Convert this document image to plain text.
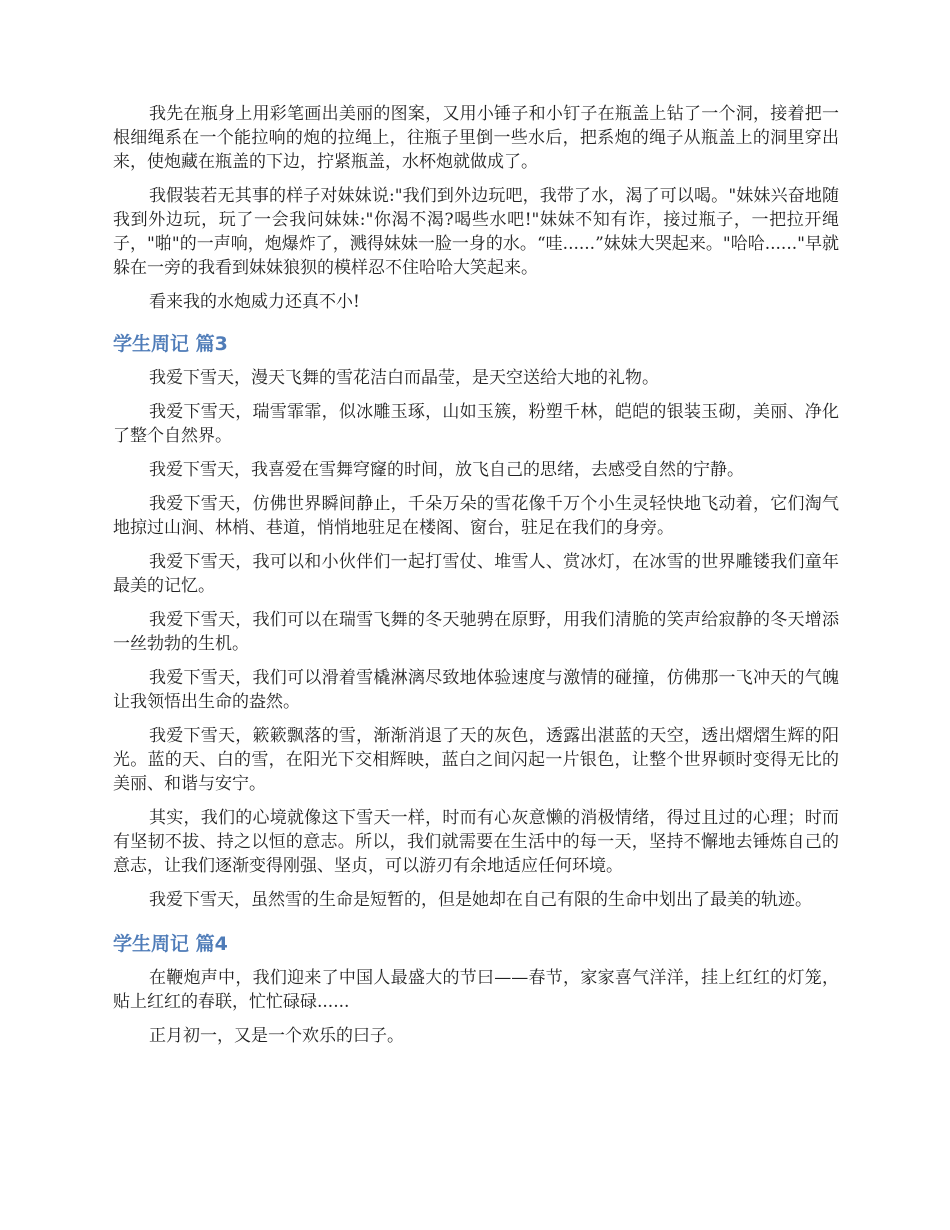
我先在瓶身上用彩笔画出美丽的图案，又用小锤子和小钉子在瓶盖上钻了一个洞，接着把一根细绳系在一个能拉响的炮的拉绳上，往瓶子里倒一些水后，把系炮的绳子从瓶盖上的洞里穿出来，使炮藏在瓶盖的下边，拧紧瓶盖，水杯炮就做成了。

我假装若无其事的样子对妹妹说:"我们到外边玩吧，我带了水，渴了可以喝。"妹妹兴奋地随我到外边玩，玩了一会我问妹妹:"你渴不渴?喝些水吧!"妹妹不知有诈，接过瓶子，一把拉开绳子，"啪"的一声响，炮爆炸了，溅得妹妹一脸一身的水。“哇......”妹妹大哭起来。"哈哈......"早就躲在一旁的我看到妹妹狼狈的模样忍不住哈哈大笑起来。

看来我的水炮威力还真不小!

学生周记 篇3

我爱下雪天，漫天飞舞的雪花洁白而晶莹，是天空送给大地的礼物。

我爱下雪天，瑞雪霏霏，似冰雕玉琢，山如玉簇，粉塑千林，皑皑的银装玉砌，美丽、净化了整个自然界。

我爱下雪天，我喜爱在雪舞穹窿的时间，放飞自己的思绪，去感受自然的宁静。

我爱下雪天，仿佛世界瞬间静止，千朵万朵的雪花像千万个小生灵轻快地飞动着，它们淘气地掠过山涧、林梢、巷道，悄悄地驻足在楼阁、窗台，驻足在我们的身旁。

我爱下雪天，我可以和小伙伴们一起打雪仗、堆雪人、赏冰灯，在冰雪的世界雕镂我们童年最美的记忆。

我爱下雪天，我们可以在瑞雪飞舞的冬天驰骋在原野，用我们清脆的笑声给寂静的冬天增添一丝勃勃的生机。

我爱下雪天，我们可以滑着雪橇淋漓尽致地体验速度与激情的碰撞，仿佛那一飞冲天的气魄让我领悟出生命的盎然。

我爱下雪天，簌簌飘落的雪，渐渐消退了天的灰色，透露出湛蓝的天空，透出熠熠生辉的阳光。蓝的天、白的雪，在阳光下交相辉映，蓝白之间闪起一片银色，让整个世界顿时变得无比的美丽、和谐与安宁。

其实，我们的心境就像这下雪天一样，时而有心灰意懒的消极情绪，得过且过的心理；时而有坚韧不拔、持之以恒的意志。所以，我们就需要在生活中的每一天，坚持不懈地去锤炼自己的意志，让我们逐渐变得刚强、坚贞，可以游刃有余地适应任何环境。

我爱下雪天，虽然雪的生命是短暂的，但是她却在自己有限的生命中划出了最美的轨迹。

学生周记 篇4

在鞭炮声中，我们迎来了中国人最盛大的节曰——春节，家家喜气洋洋，挂上红红的灯笼，贴上红红的春联，忙忙碌碌......

正月初一，又是一个欢乐的曰子。
